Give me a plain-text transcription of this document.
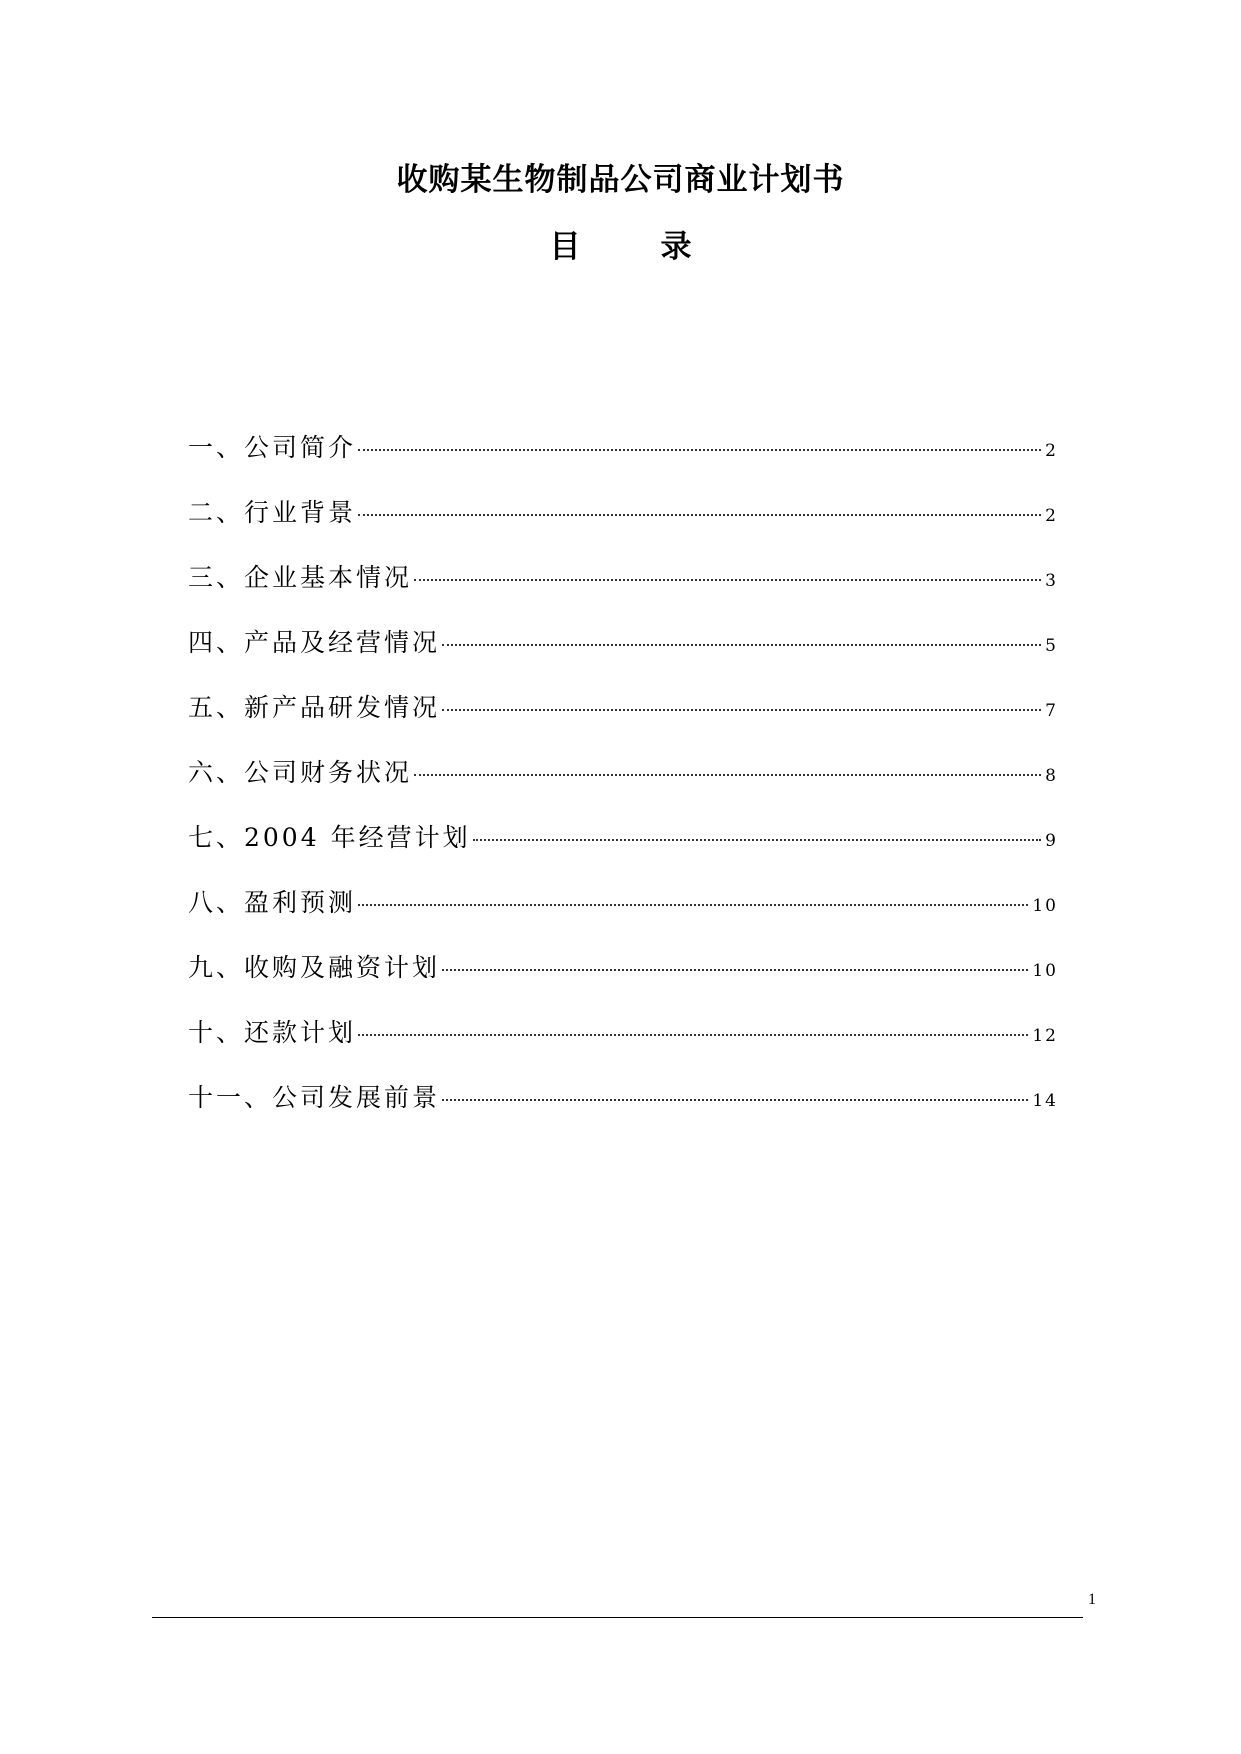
收购某生物制品公司商业计划书
目	录
一、公司简介	2
二、行业背景	2
三、企业基本情况	3
四、产品及经营情况	5
五、新产品研发情况	7
六、公司财务状况	8
七、2004 年经营计划	9
八、盈利预测	10
九、收购及融资计划	10
十、还款计划	12
十一、公司发展前景	14
1
